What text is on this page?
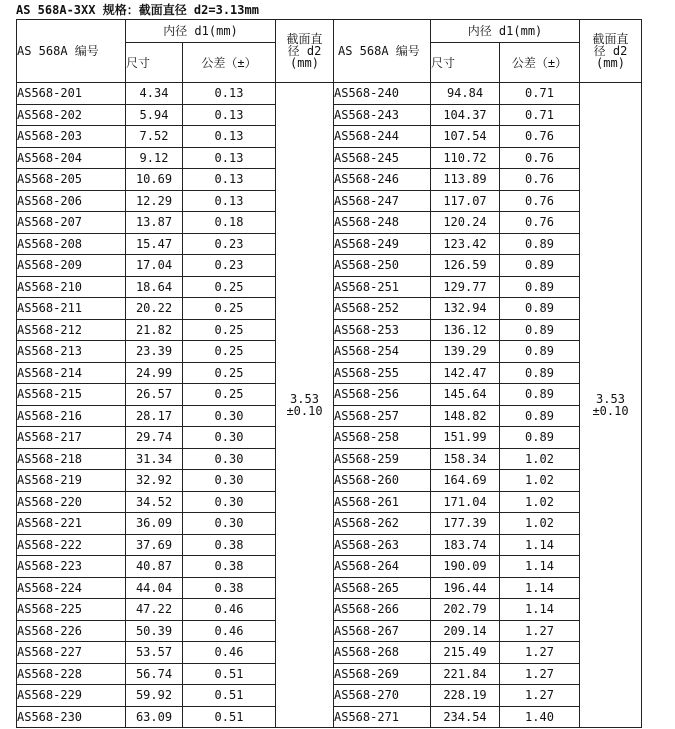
AS 568A-3XX 规格：截面直径 d2=3.13mm
AS 568A 编号	内径 d1(mm)		截面直
径 d2
(mm)
	尺寸	公差（±）	
AS568-201	4.34	0.13	3.53
±0.10
AS568-202	5.94	0.13	
AS568-203	7.52	0.13	
AS568-204	9.12	0.13	
AS568-205	10.69	0.13	
AS568-206	12.29	0.13	
AS568-207	13.87	0.18	
AS568-208	15.47	0.23	
AS568-209	17.04	0.23	
AS568-210	18.64	0.25	
AS568-211	20.22	0.25	
AS568-212	21.82	0.25	
AS568-213	23.39	0.25	
AS568-214	24.99	0.25	
AS568-215	26.57	0.25	
AS568-216	28.17	0.30	
AS568-217	29.74	0.30	
AS568-218	31.34	0.30	
AS568-219	32.92	0.30	
AS568-220	34.52	0.30	
AS568-221	36.09	0.30	
AS568-222	37.69	0.38	
AS568-223	40.87	0.38	
AS568-224	44.04	0.38	
AS568-225	47.22	0.46	
AS568-226	50.39	0.46	
AS568-227	53.57	0.46	
AS568-228	56.74	0.51	
AS568-229	59.92	0.51	
AS568-230	63.09	0.51	
AS 568A 编号	内径 d1(mm)		截面直
径 d2
(mm)
	尺寸	公差（±）	
AS568-240	94.84	0.71	3.53
±0.10
AS568-243	104.37	0.71	
AS568-244	107.54	0.76	
AS568-245	110.72	0.76	
AS568-246	113.89	0.76	
AS568-247	117.07	0.76	
AS568-248	120.24	0.76	
AS568-249	123.42	0.89	
AS568-250	126.59	0.89	
AS568-251	129.77	0.89	
AS568-252	132.94	0.89	
AS568-253	136.12	0.89	
AS568-254	139.29	0.89	
AS568-255	142.47	0.89	
AS568-256	145.64	0.89	
AS568-257	148.82	0.89	
AS568-258	151.99	0.89	
AS568-259	158.34	1.02	
AS568-260	164.69	1.02	
AS568-261	171.04	1.02	
AS568-262	177.39	1.02	
AS568-263	183.74	1.14	
AS568-264	190.09	1.14	
AS568-265	196.44	1.14	
AS568-266	202.79	1.14	
AS568-267	209.14	1.27	
AS568-268	215.49	1.27	
AS568-269	221.84	1.27	
AS568-270	228.19	1.27	
AS568-271	234.54	1.40	
